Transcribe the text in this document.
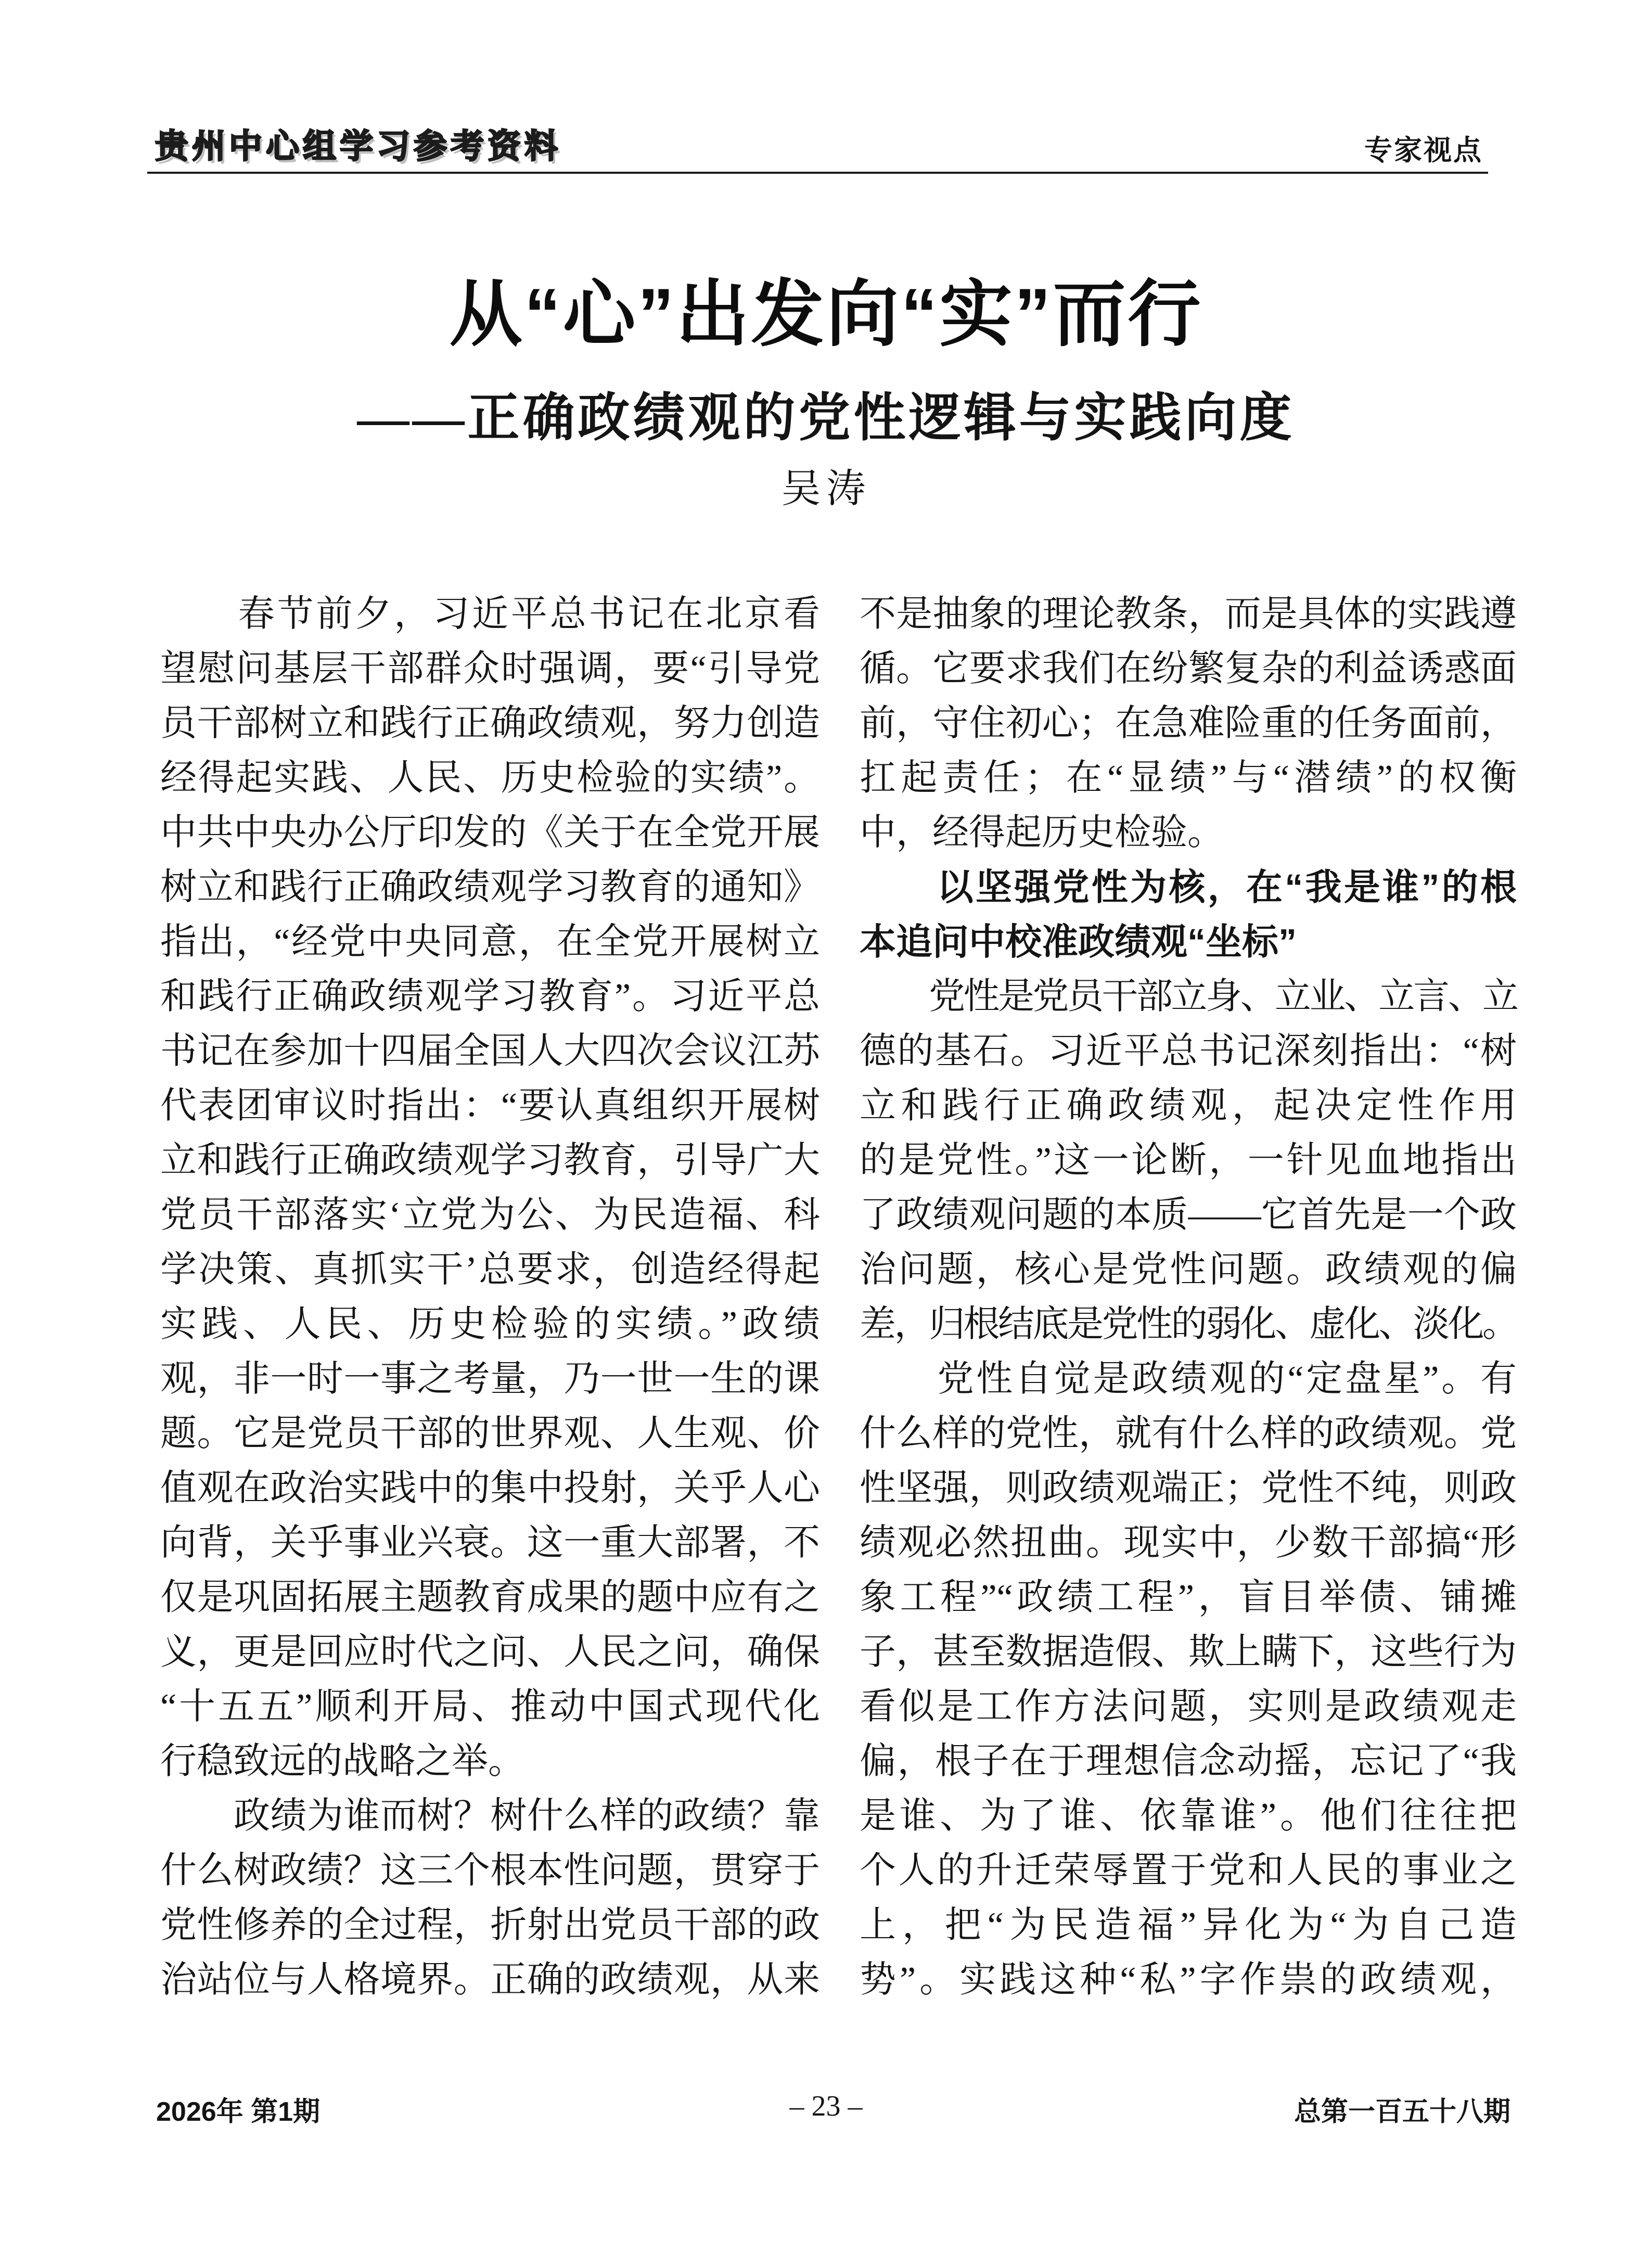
贵州中心组学习参考资料	专家视点
从“心”出发向“实”而行
——正确政绩观的党性逻辑与实践向度
吴涛
　　春节前夕，习近平总书记在北京看
望慰问基层干部群众时强调，要“引导党
员干部树立和践行正确政绩观，努力创造
经得起实践、人民、历史检验的实绩”。
中共中央办公厅印发的《关于在全党开展
树立和践行正确政绩观学习教育的通知》
指出，“经党中央同意，在全党开展树立
和践行正确政绩观学习教育”。习近平总
书记在参加十四届全国人大四次会议江苏
代表团审议时指出：“要认真组织开展树
立和践行正确政绩观学习教育，引导广大
党员干部落实‘立党为公、为民造福、科
学决策、真抓实干’总要求，创造经得起
实践、人民、历史检验的实绩。”政绩
观，非一时一事之考量，乃一世一生的课
题。它是党员干部的世界观、人生观、价
值观在政治实践中的集中投射，关乎人心
向背，关乎事业兴衰。这一重大部署，不
仅是巩固拓展主题教育成果的题中应有之
义，更是回应时代之问、人民之问，确保
“十五五”顺利开局、推动中国式现代化
行稳致远的战略之举。
　　政绩为谁而树？树什么样的政绩？靠
什么树政绩？这三个根本性问题，贯穿于
党性修养的全过程，折射出党员干部的政
治站位与人格境界。正确的政绩观，从来
不是抽象的理论教条，而是具体的实践遵
循。它要求我们在纷繁复杂的利益诱惑面
前，守住初心；在急难险重的任务面前，
扛起责任；在“显绩”与“潜绩”的权衡
中，经得起历史检验。
　　以坚强党性为核，在“我是谁”的根
本追问中校准政绩观“坐标”
　　党性是党员干部立身、立业、立言、立
德的基石。习近平总书记深刻指出：“树
立和践行正确政绩观，起决定性作用
的是党性。”这一论断，一针见血地指出
了政绩观问题的本质——它首先是一个政
治问题，核心是党性问题。政绩观的偏
差，归根结底是党性的弱化、虚化、淡化。
　　党性自觉是政绩观的“定盘星”。有
什么样的党性，就有什么样的政绩观。党
性坚强，则政绩观端正；党性不纯，则政
绩观必然扭曲。现实中，少数干部搞“形
象工程”“政绩工程”，盲目举债、铺摊
子，甚至数据造假、欺上瞒下，这些行为
看似是工作方法问题，实则是政绩观走
偏，根子在于理想信念动摇，忘记了“我
是谁、为了谁、依靠谁”。他们往往把
个人的升迁荣辱置于党和人民的事业之
上，把“为民造福”异化为“为自己造
势”。实践这种“私”字作祟的政绩观，
2026年 第1期	– 23 –	总第一百五十八期
